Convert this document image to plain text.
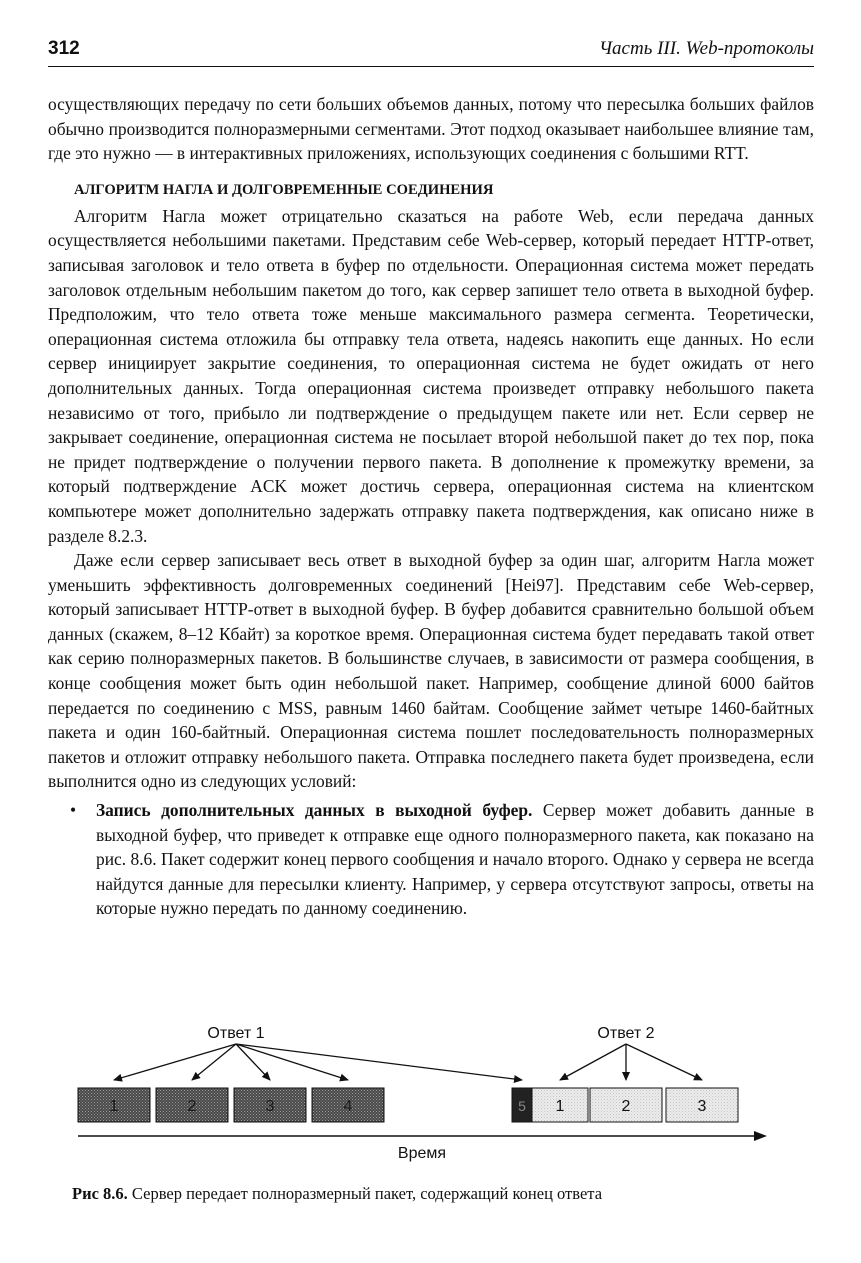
312	Часть III. Web-протоколы

осуществляющих передачу по сети больших объемов данных, потому что пересылка больших файлов обычно производится полноразмерными сегментами. Этот подход оказывает наибольшее влияние там, где это нужно — в интерактивных приложениях, использующих соединения с большими RTT.

АЛГОРИТМ НАГЛА И ДОЛГОВРЕМЕННЫЕ СОЕДИНЕНИЯ

Алгоритм Нагла может отрицательно сказаться на работе Web, если передача данных осуществляется небольшими пакетами. Представим себе Web-сервер, который передает HTTP-ответ, записывая заголовок и тело ответа в буфер по отдельности. Операционная система может передать заголовок отдельным небольшим пакетом до того, как сервер запишет тело ответа в выходной буфер. Предположим, что тело ответа тоже меньше максимального размера сегмента. Теоретически, операционная система отложила бы отправку тела ответа, надеясь накопить еще данных. Но если сервер инициирует закрытие соединения, то операционная система не будет ожидать от него дополнительных данных. Тогда операционная система произведет отправку небольшого пакета независимо от того, прибыло ли подтверждение о предыдущем пакете или нет. Если сервер не закрывает соединение, операционная система не посылает второй небольшой пакет до тех пор, пока не придет подтверждение о получении первого пакета. В дополнение к промежутку времени, за который подтверждение ACK может достичь сервера, операционная система на клиентском компьютере может дополнительно задержать отправку пакета подтверждения, как описано ниже в разделе 8.2.3.

Даже если сервер записывает весь ответ в выходной буфер за один шаг, алгоритм Нагла может уменьшить эффективность долговременных соединений [Hei97]. Представим себе Web-сервер, который записывает HTTP-ответ в выходной буфер. В буфер добавится сравнительно большой объем данных (скажем, 8–12 Кбайт) за короткое время. Операционная система будет передавать такой ответ как серию полноразмерных пакетов. В большинстве случаев, в зависимости от размера сообщения, в конце сообщения может быть один небольшой пакет. Например, сообщение длиной 6000 байтов передается по соединению с MSS, равным 1460 байтам. Сообщение займет четыре 1460-байтных пакета и один 160-байтный. Операционная система пошлет последовательность полноразмерных пакетов и отложит отправку небольшого пакета. Отправка последнего пакета будет произведена, если выполнится одно из следующих условий:

• Запись дополнительных данных в выходной буфер. Сервер может добавить данные в выходной буфер, что приведет к отправке еще одного полноразмерного пакета, как показано на рис. 8.6. Пакет содержит конец первого сообщения и начало второго. Однако у сервера не всегда найдутся данные для пересылки клиенту. Например, у сервера отсутствуют запросы, ответы на которые нужно передать по данному соединению.
Ответ 1	Ответ 2
1	2	3	4	5 1	2	3
Время
Рис 8.6. Сервер передает полноразмерный пакет, содержащий конец ответа
